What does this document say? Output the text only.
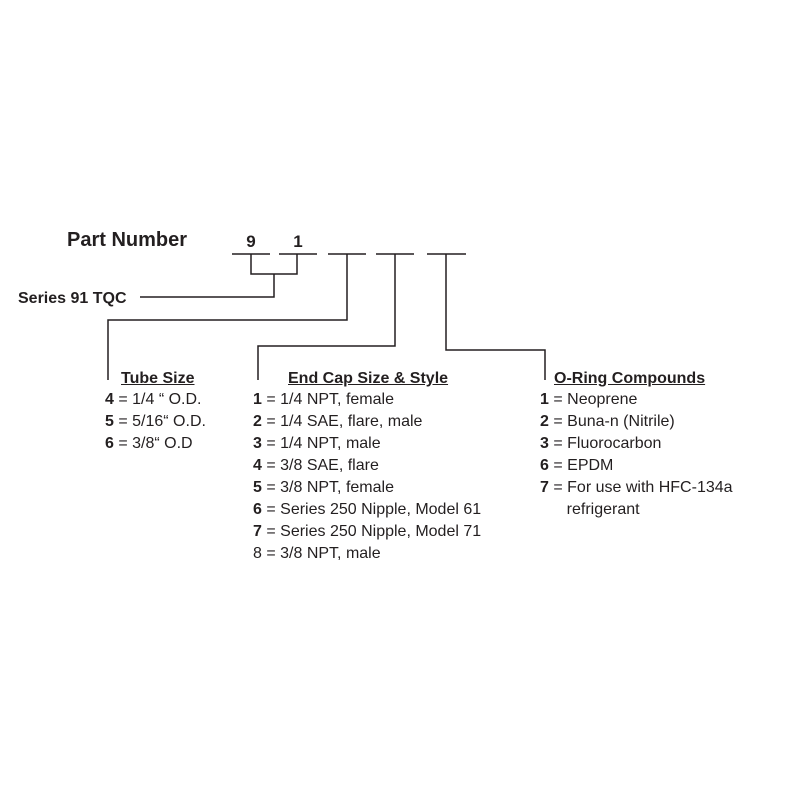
Part Number	9	1
Series 91 TQC
Tube Size
4 = 1/4 “ O.D.
5 = 5/16“ O.D.
6 = 3/8“ O.D
End Cap Size & Style
1 = 1/4 NPT, female
2 = 1/4 SAE, flare, male
3 = 1/4 NPT, male
4 = 3/8 SAE, flare
5 = 3/8 NPT, female
6 = Series 250 Nipple, Model 61
7 = Series 250 Nipple, Model 71
8 = 3/8 NPT, male
O-Ring Compounds
1 = Neoprene
2 = Buna-n (Nitrile)
3 = Fluorocarbon
6 = EPDM
7 = For use with HFC-134a
refrigerant
